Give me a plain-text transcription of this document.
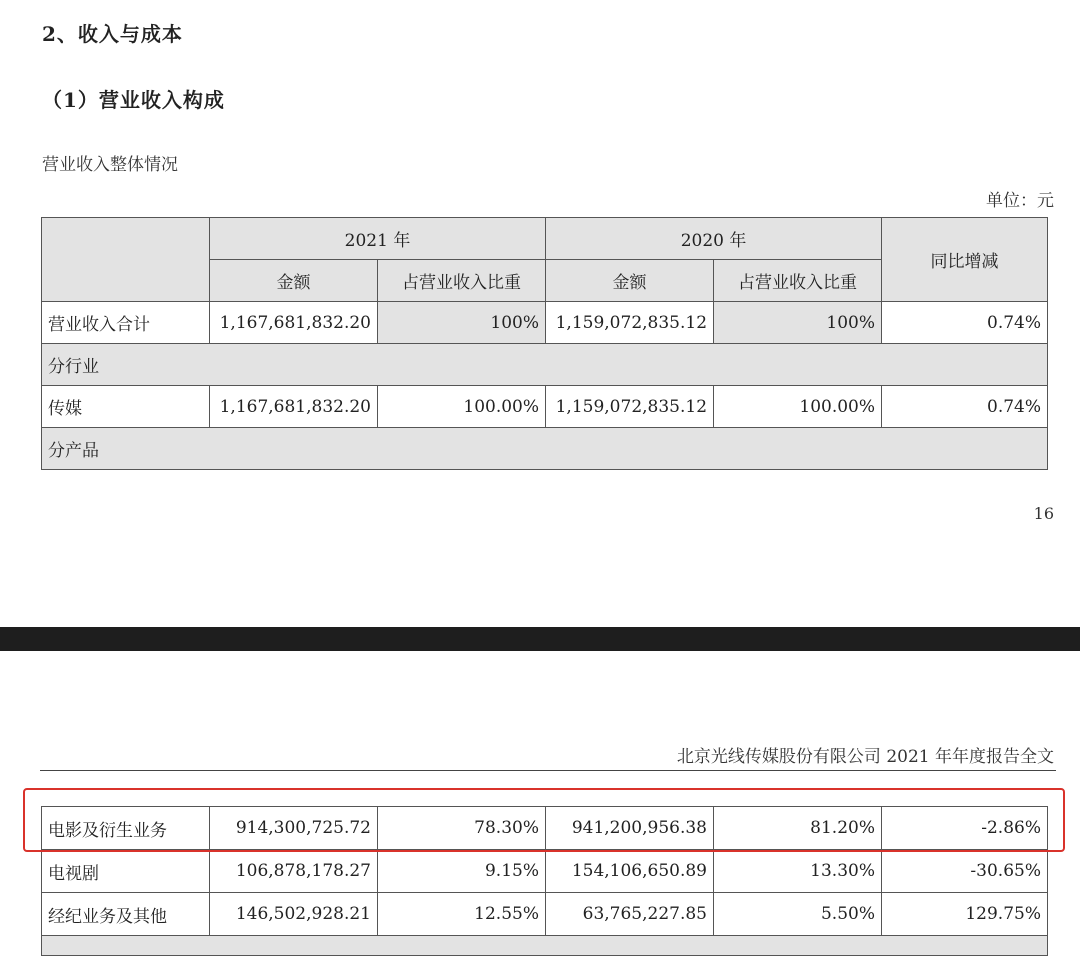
2、收入与成本
（1）营业收入构成
营业收入整体情况
单位：元
	2021 年		2020 年		同比增减
	金额	占营业收入比重	金额	占营业收入比重	
营业收入合计	1,167,681,832.20	100%	1,159,072,835.12	100%	0.74%
分行业					
传媒	1,167,681,832.20	100.00%	1,159,072,835.12	100.00%	0.74%
分产品					
16
北京光线传媒股份有限公司 2021 年年度报告全文
电影及衍生业务	914,300,725.72	78.30%	941,200,956.38	81.20%	-2.86%
电视剧	106,878,178.27	9.15%	154,106,650.89	13.30%	-30.65%
经纪业务及其他	146,502,928.21	12.55%	63,765,227.85	5.50%	129.75%
